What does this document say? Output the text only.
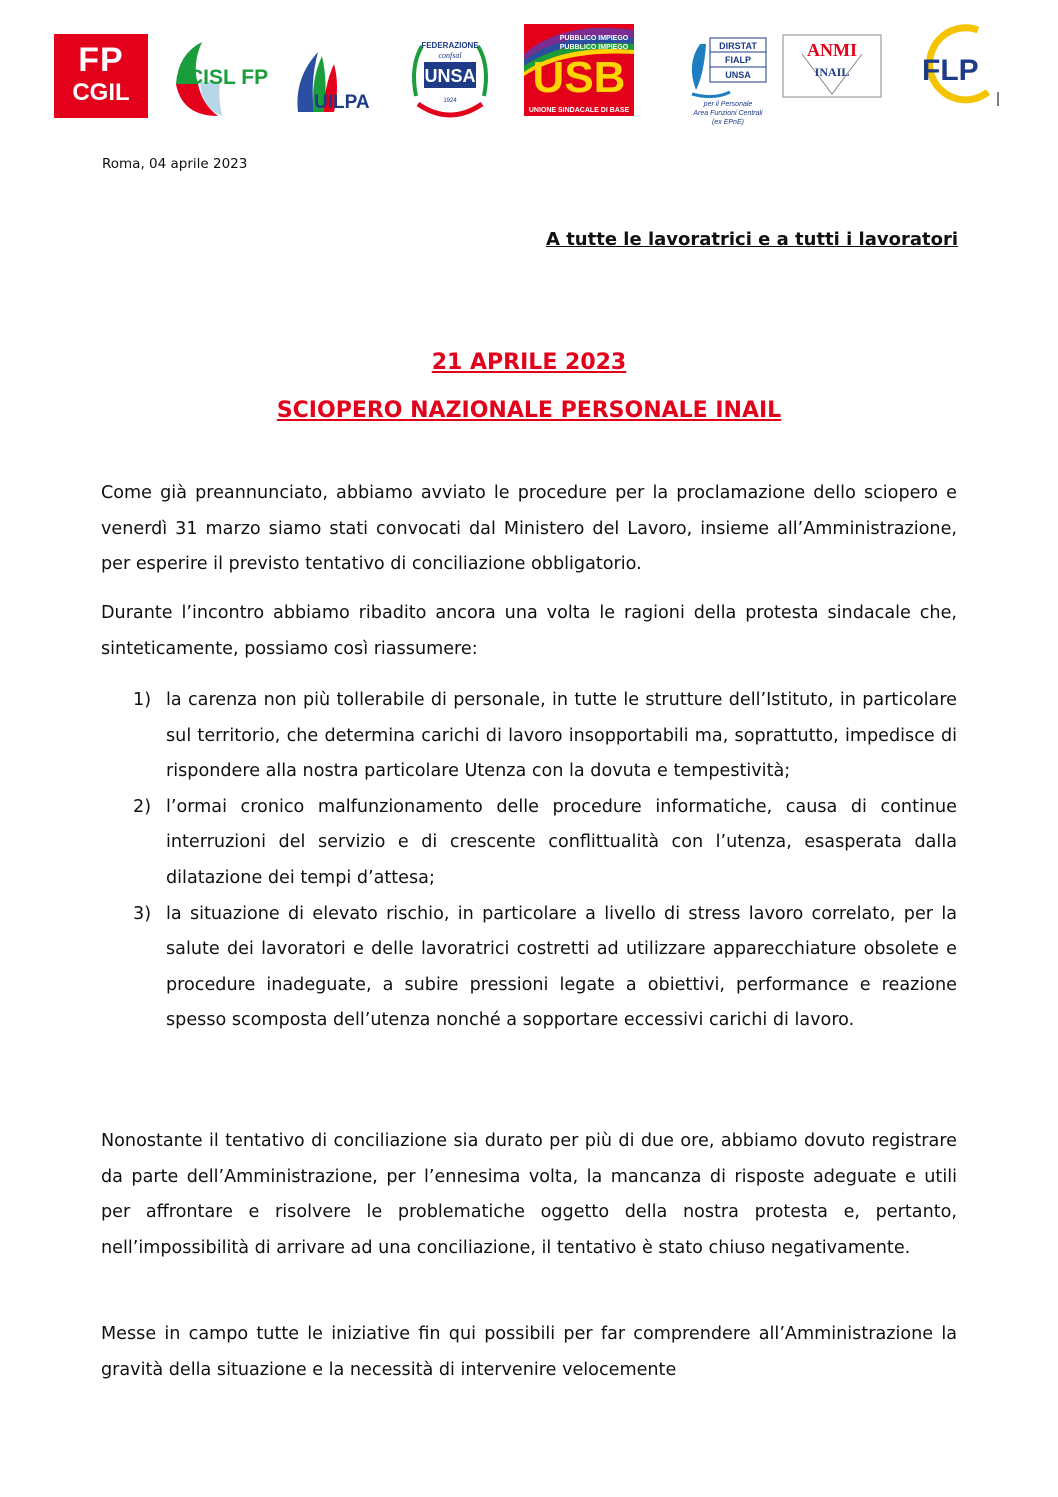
FP
CGIL
CISL FP
UILPA
FEDERAZIONE
confsal
UNSA
1924
PUBBLICO IMPIEGO
PUBBLICO IMPIEGO
USB
UNIONE SINDACALE DI BASE
DIRSTAT
FIALP
UNSA
per il Personale
Area Funzioni Centrali
(ex EPnE)
ANMI
INAIL FLP
Roma, 04 aprile 2023
A tutte le lavoratrici e a tutti i lavoratori
21 APRILE 2023
SCIOPERO NAZIONALE PERSONALE INAIL
Come già preannunciato, abbiamo avviato le procedure per la proclamazione dello sciopero e venerdì 31 marzo siamo stati convocati dal Ministero del Lavoro, insieme all’Amministrazione, per esperire il previsto tentativo di conciliazione obbligatorio.
Durante l’incontro abbiamo ribadito ancora una volta le ragioni della protesta sindacale che, sinteticamente, possiamo così riassumere:
1) la carenza non più tollerabile di personale, in tutte le strutture dell’Istituto, in particolare sul territorio, che determina carichi di lavoro insopportabili ma, soprattutto, impedisce di rispondere alla nostra particolare Utenza con la dovuta e tempestività;
2) l’ormai cronico malfunzionamento delle procedure informatiche, causa di continue interruzioni del servizio e di crescente conflittualità con l’utenza, esasperata dalla dilatazione dei tempi d’attesa;
3) la situazione di elevato rischio, in particolare a livello di stress lavoro correlato, per la salute dei lavoratori e delle lavoratrici costretti ad utilizzare apparecchiature obsolete e procedure inadeguate, a subire pressioni legate a obiettivi, performance e reazione spesso scomposta dell’utenza nonché a sopportare eccessivi carichi di lavoro.
Nonostante il tentativo di conciliazione sia durato per più di due ore, abbiamo dovuto registrare da parte dell’Amministrazione, per l’ennesima volta, la mancanza di risposte adeguate e utili per affrontare e risolvere le problematiche oggetto della nostra protesta e, pertanto, nell’impossibilità di arrivare ad una conciliazione, il tentativo è stato chiuso negativamente.
Messe in campo tutte le iniziative fin qui possibili per far comprendere all’Amministrazione la gravità della situazione e la necessità di intervenire velocemente
